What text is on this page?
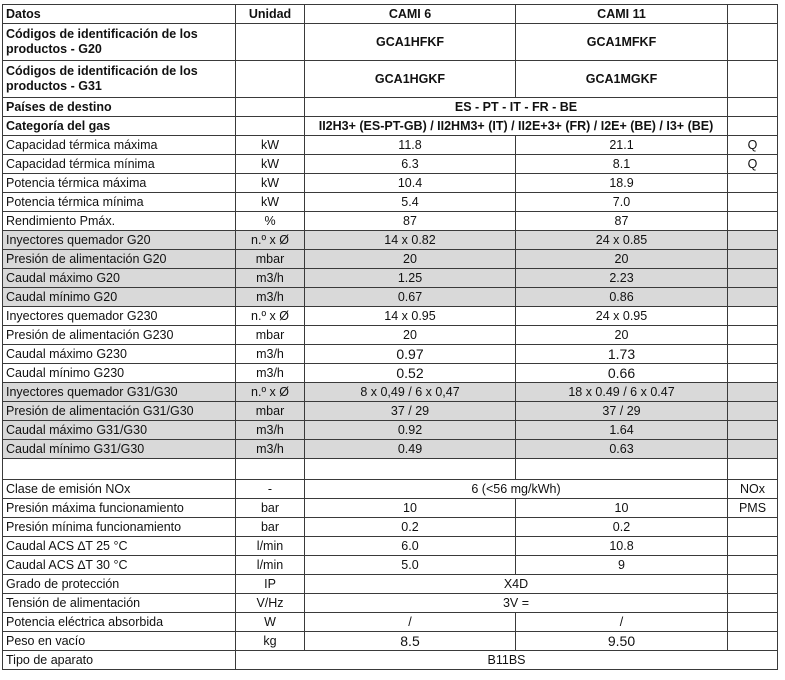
Datos	Unidad	CAMI 6	CAMI 11	
Códigos de identificación de los productos - G20		GCA1HFKF	GCA1MFKF	
Códigos de identificación de los productos - G31		GCA1HGKF	GCA1MGKF	
Países de destino		ES - PT - IT - FR - BE		
Categoría del gas		II2H3+ (ES-PT-GB) / II2HM3+ (IT) / II2E+3+ (FR) / I2E+ (BE) / I3+ (BE)		
Capacidad térmica máxima	kW	11.8	21.1	Q
Capacidad térmica mínima	kW	6.3	8.1	Q
Potencia térmica máxima	kW	10.4	18.9	
Potencia térmica mínima	kW	5.4	7.0	
Rendimiento Pmáx.	%	87	87	
Inyectores quemador G20	n.º x Ø	14 x 0.82	24 x 0.85	
Presión de alimentación G20	mbar	20	20	
Caudal máximo G20	m3/h	1.25	2.23	
Caudal mínimo G20	m3/h	0.67	0.86	
Inyectores quemador G230	n.º x Ø	14 x 0.95	24 x 0.95	
Presión de alimentación G230	mbar	20	20	
Caudal máximo G230	m3/h	0.97	1.73	
Caudal mínimo G230	m3/h	0.52	0.66	
Inyectores quemador G31/G30	n.º x Ø	8 x 0,49 / 6 x 0,47	18 x 0.49 / 6 x 0.47	
Presión de alimentación G31/G30	mbar	37 / 29	37 / 29	
Caudal máximo G31/G30	m3/h	0.92	1.64	
Caudal mínimo G31/G30	m3/h	0.49	0.63	

Clase de emisión NOx	-	6 (<56 mg/kWh)		NOx
Presión máxima funcionamiento	bar	10	10	PMS
Presión mínima funcionamiento	bar	0.2	0.2	
Caudal ACS ∆T 25 °C	l/min	6.0	10.8	
Caudal ACS ∆T 30 °C	l/min	5.0	9	
Grado de protección	IP	X4D		
Tensión de alimentación	V/Hz	3V =		
Potencia eléctrica absorbida	W	/	/	
Peso en vacío	kg	8.5	9.50	
Tipo de aparato	B11BS			
